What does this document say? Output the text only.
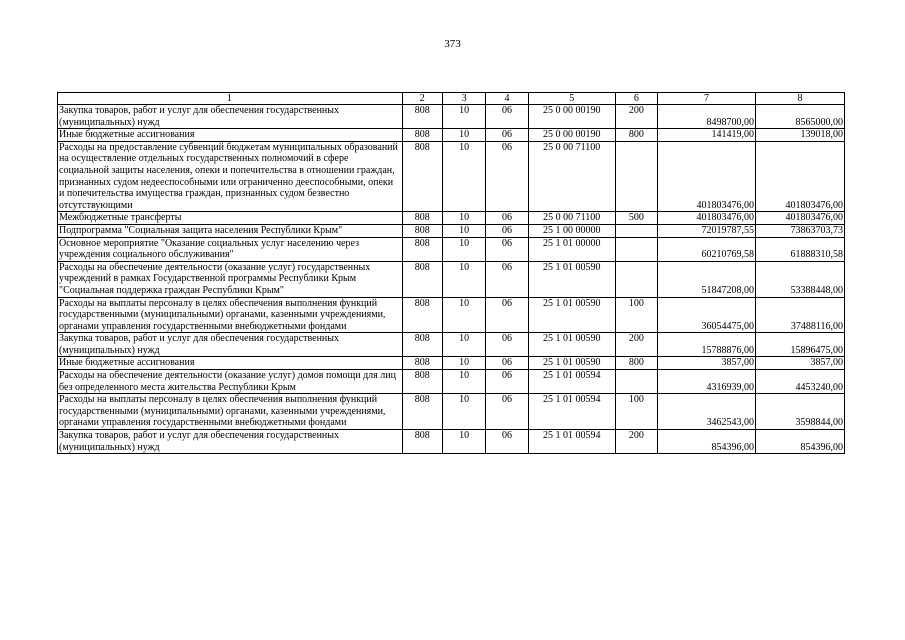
373
1	2	3	4	5	6	7	8
Закупка товаров, работ и услуг для обеспечения государственных (муниципальных) нужд	808	10	06	25 0 00 00190	200	8498700,00	8565000,00
Иные бюджетные ассигнования	808	10	06	25 0 00 00190	800	141419,00	139018,00
Расходы на предоставление субвенций бюджетам муниципальных образований на осуществление отдельных государственных полномочий в сфере социальной защиты населения, опеки и попечительства в отношении граждан, признанных судом недееспособными или ограниченно дееспособными, опеки и попечительства имущества граждан, признанных судом безвестно отсутствующими	808	10	06	25 0 00 71100		401803476,00	401803476,00
Межбюджетные трансферты	808	10	06	25 0 00 71100	500	401803476,00	401803476,00
Подпрограмма "Социальная защита населения Республики Крым"	808	10	06	25 1 00 00000		72019787,55	73863703,73
Основное мероприятие "Оказание социальных услуг населению через учреждения социального обслуживания"	808	10	06	25 1 01 00000		60210769,58	61888310,58
Расходы на обеспечение деятельности (оказание услуг) государственных учреждений в рамках Государственной программы Республики Крым "Социальная поддержка граждан Республики Крым"	808	10	06	25 1 01 00590		51847208,00	53388448,00
Расходы на выплаты персоналу в целях обеспечения выполнения функций государственными (муниципальными) органами, казенными учреждениями, органами управления государственными внебюджетными фондами	808	10	06	25 1 01 00590	100	36054475,00	37488116,00
Закупка товаров, работ и услуг для обеспечения государственных (муниципальных) нужд	808	10	06	25 1 01 00590	200	15788876,00	15896475,00
Иные бюджетные ассигнования	808	10	06	25 1 01 00590	800	3857,00	3857,00
Расходы на обеспечение деятельности (оказание услуг) домов помощи для лиц без определенного места жительства Республики Крым	808	10	06	25 1 01 00594		4316939,00	4453240,00
Расходы на выплаты персоналу в целях обеспечения выполнения функций государственными (муниципальными) органами, казенными учреждениями, органами управления государственными внебюджетными фондами	808	10	06	25 1 01 00594	100	3462543,00	3598844,00
Закупка товаров, работ и услуг для обеспечения государственных (муниципальных) нужд	808	10	06	25 1 01 00594	200	854396,00	854396,00
